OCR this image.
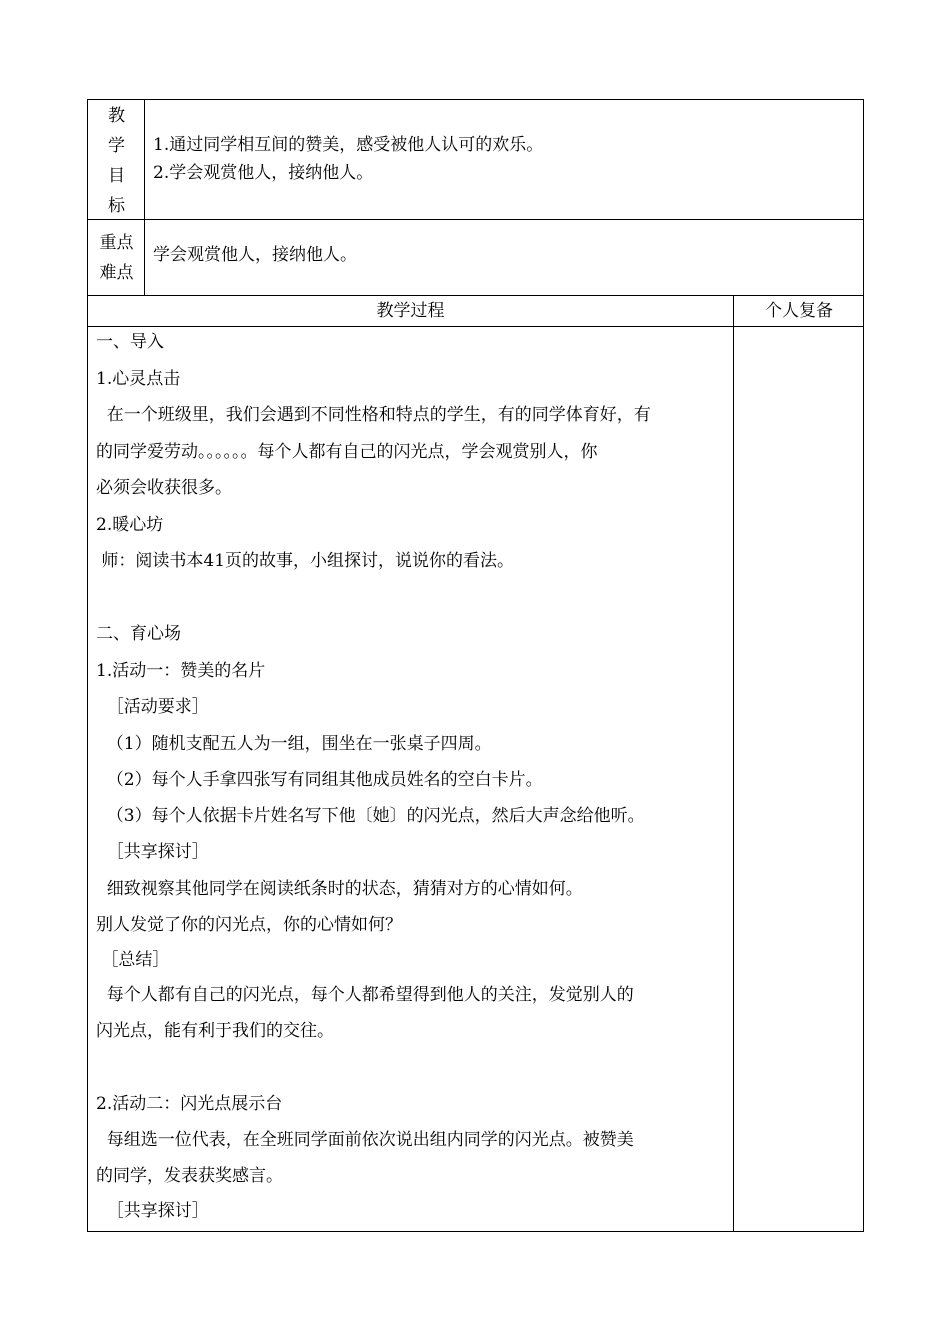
教
学
目
标
1.通过同学相互间的赞美，感受被他人认可的欢乐。
2.学会观赏他人，接纳他人。
重点
难点
学会观赏他人，接纳他人。
教学过程	个人复备
一、导入
1.心灵点击
在一个班级里，我们会遇到不同性格和特点的学生，有的同学体育好，有
的同学爱劳动。。。。。。每个人都有自己的闪光点，学会观赏别人，你
必须会收获很多。
2.暖心坊
师：阅读书本41页的故事，小组探讨，说说你的看法。
二、育心场
1.活动一：赞美的名片
［活动要求］
（1）随机支配五人为一组，围坐在一张桌子四周。
（2）每个人手拿四张写有同组其他成员姓名的空白卡片。
（3）每个人依据卡片姓名写下他〔她〕的闪光点，然后大声念给他听。
［共享探讨］
细致视察其他同学在阅读纸条时的状态，猜猜对方的心情如何。
别人发觉了你的闪光点，你的心情如何？
［总结］
每个人都有自己的闪光点，每个人都希望得到他人的关注，发觉别人的
闪光点，能有利于我们的交往。
2.活动二：闪光点展示台
每组选一位代表，在全班同学面前依次说出组内同学的闪光点。被赞美
的同学，发表获奖感言。
［共享探讨］
